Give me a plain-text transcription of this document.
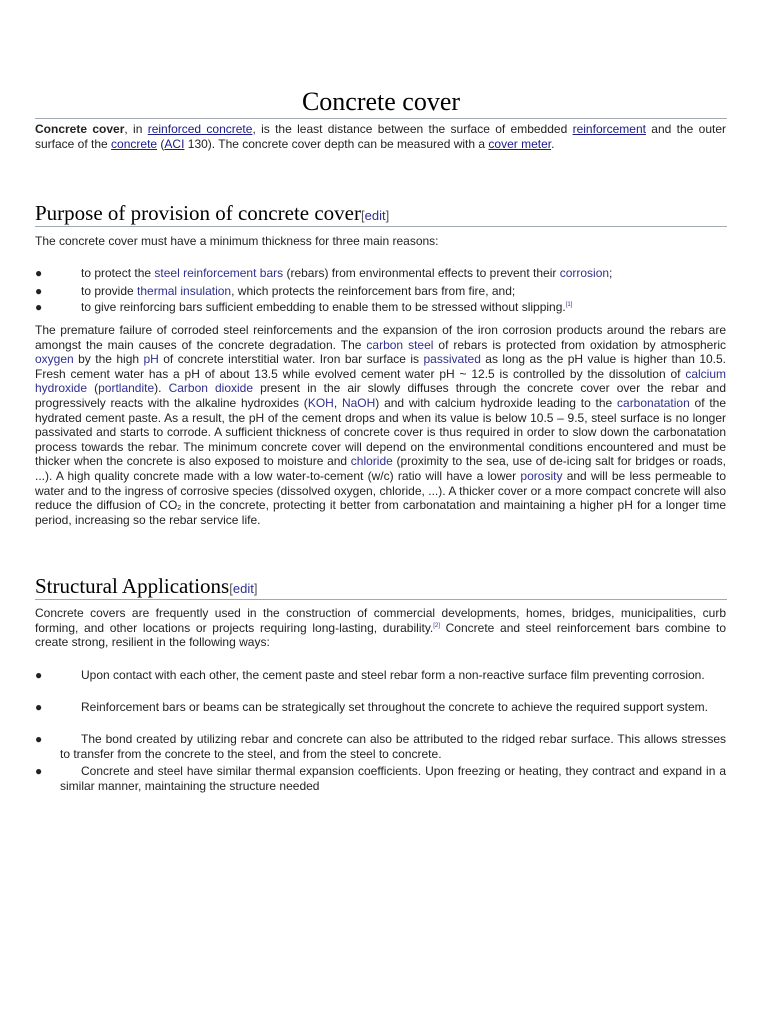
Concrete cover

Concrete cover, in reinforced concrete, is the least distance between the surface of embedded reinforcement and the outer surface of the concrete (ACI 130). The concrete cover depth can be measured with a cover meter.

Purpose of provision of concrete cover[edit]

The concrete cover must have a minimum thickness for three main reasons:

●	to protect the steel reinforcement bars (rebars) from environmental effects to prevent their corrosion;
●	to provide thermal insulation, which protects the reinforcement bars from fire, and;
●	to give reinforcing bars sufficient embedding to enable them to be stressed without slipping.[1]

The premature failure of corroded steel reinforcements and the expansion of the iron corrosion products around the rebars are amongst the main causes of the concrete degradation. The carbon steel of rebars is protected from oxidation by atmospheric oxygen by the high pH of concrete interstitial water. Iron bar surface is passivated as long as the pH value is higher than 10.5. Fresh cement water has a pH of about 13.5 while evolved cement water pH ~ 12.5 is controlled by the dissolution of calcium hydroxide (portlandite). Carbon dioxide present in the air slowly diffuses through the concrete cover over the rebar and progressively reacts with the alkaline hydroxides (KOH, NaOH) and with calcium hydroxide leading to the carbonatation of the hydrated cement paste. As a result, the pH of the cement drops and when its value is below 10.5 – 9.5, steel surface is no longer passivated and starts to corrode. A sufficient thickness of concrete cover is thus required in order to slow down the carbonatation process towards the rebar. The minimum concrete cover will depend on the environmental conditions encountered and must be thicker when the concrete is also exposed to moisture and chloride (proximity to the sea, use of de-icing salt for bridges or roads, ...). A high quality concrete made with a low water-to-cement (w/c) ratio will have a lower porosity and will be less permeable to water and to the ingress of corrosive species (dissolved oxygen, chloride, ...). A thicker cover or a more compact concrete will also reduce the diffusion of $CO_2$ in the concrete, protecting it better from carbonatation and maintaining a higher pH for a longer time period, increasing so the rebar service life.

Structural Applications[edit]

Concrete covers are frequently used in the construction of commercial developments, homes, bridges, municipalities, curb forming, and other locations or projects requiring long-lasting, durability.[2] Concrete and steel reinforcement bars combine to create strong, resilient in the following ways:

●	Upon contact with each other, the cement paste and steel rebar form a non-reactive surface film preventing corrosion.
●	Reinforcement bars or beams can be strategically set throughout the concrete to achieve the required support system.
●	The bond created by utilizing rebar and concrete can also be attributed to the ridged rebar surface. This allows stresses to transfer from the concrete to the steel, and from the steel to concrete.
●	Concrete and steel have similar thermal expansion coefficients. Upon freezing or heating, they contract and expand in a similar manner, maintaining the structure needed
